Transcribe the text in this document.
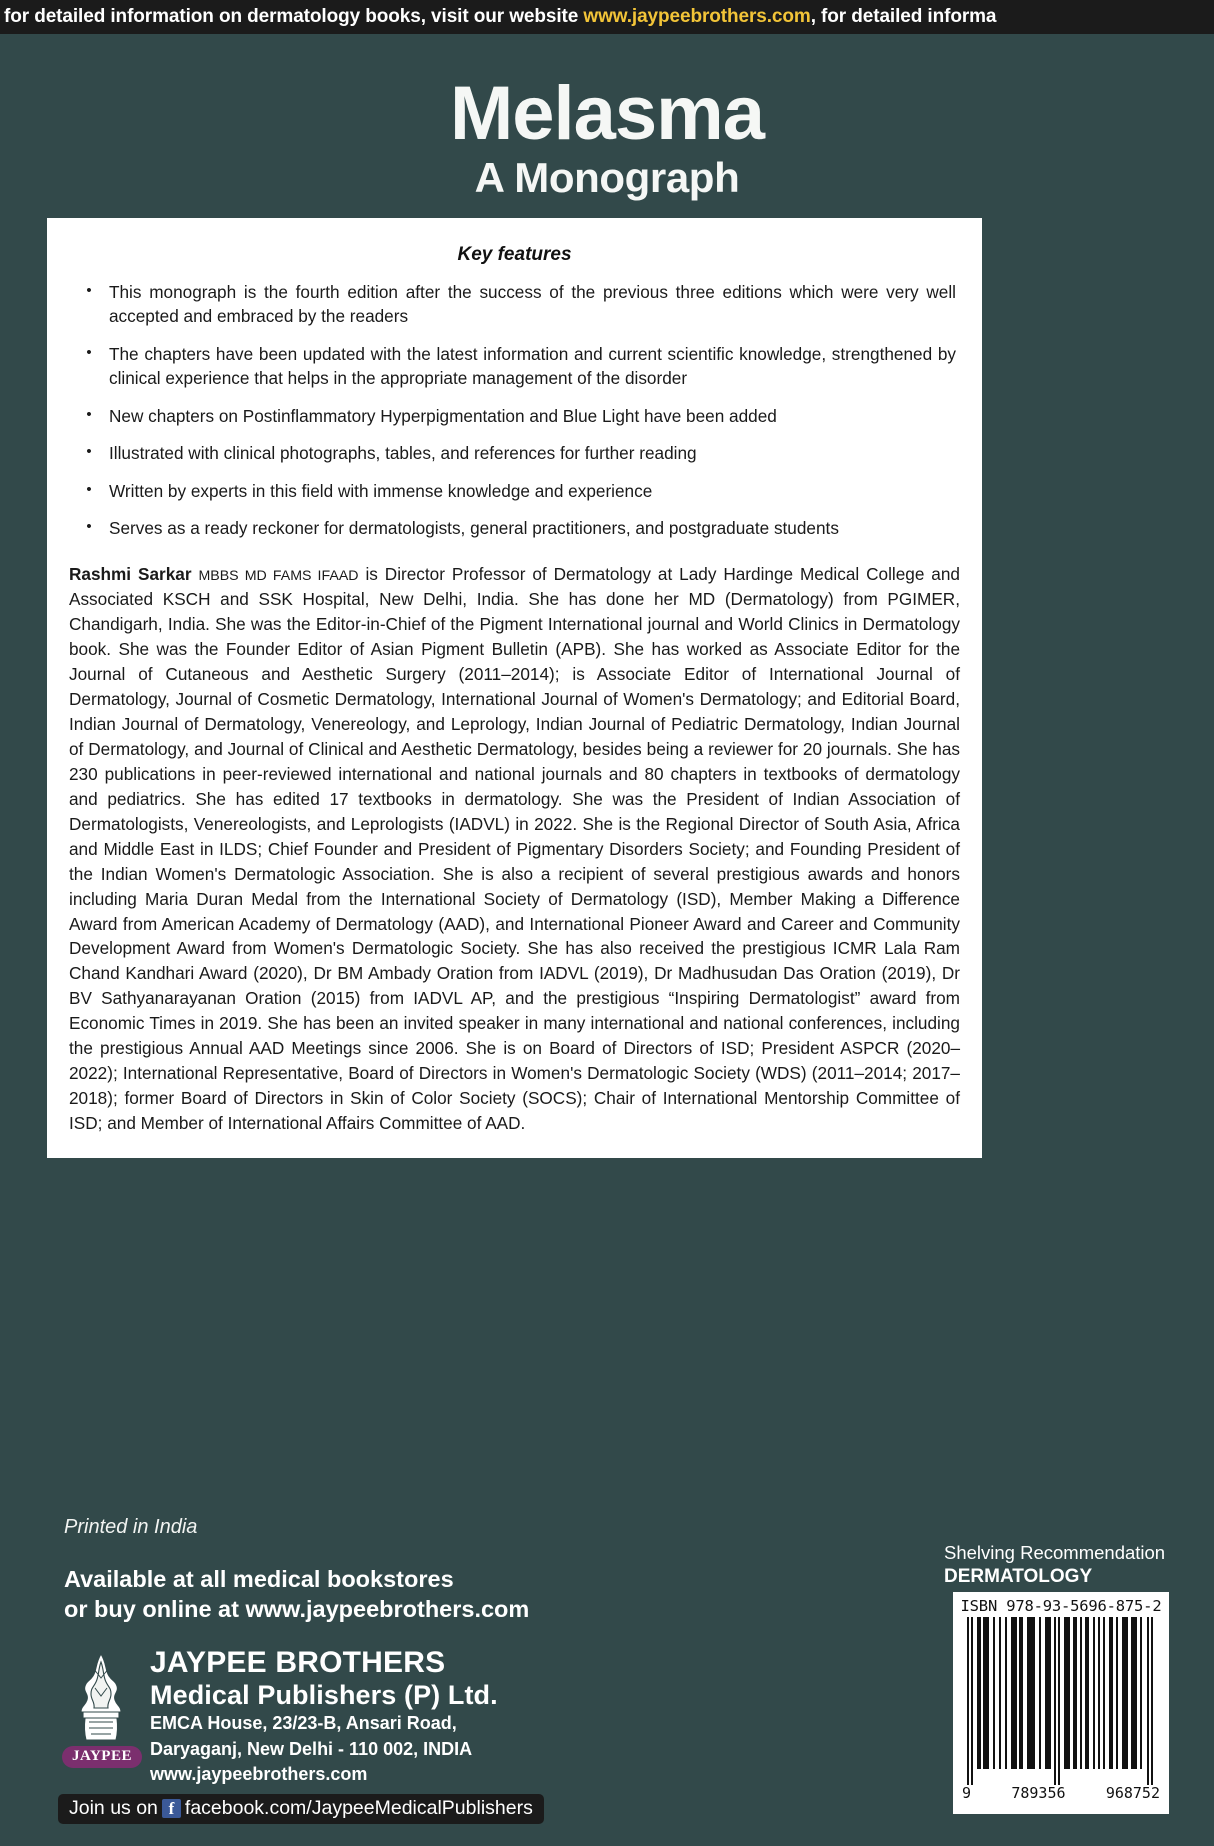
for detailed information on dermatology books, visit our website www.jaypeebrothers.com, for detailed informa
Melasma
A Monograph
Key features
•	This monograph is the fourth edition after the success of the previous three editions which were very well accepted and embraced by the readers
•	The chapters have been updated with the latest information and current scientific knowledge, strengthened by clinical experience that helps in the appropriate management of the disorder
•	New chapters on Postinflammatory Hyperpigmentation and Blue Light have been added
•	Illustrated with clinical photographs, tables, and references for further reading
•	Written by experts in this field with immense knowledge and experience
•	Serves as a ready reckoner for dermatologists, general practitioners, and postgraduate students
Rashmi Sarkar MBBS MD FAMS IFAAD is Director Professor of Dermatology at Lady Hardinge Medical College and Associated KSCH and SSK Hospital, New Delhi, India. She has done her MD (Dermatology) from PGIMER, Chandigarh, India. She was the Editor-in-Chief of the Pigment International journal and World Clinics in Dermatology book. She was the Founder Editor of Asian Pigment Bulletin (APB). She has worked as Associate Editor for the Journal of Cutaneous and Aesthetic Surgery (2011–2014); is Associate Editor of International Journal of Dermatology, Journal of Cosmetic Dermatology, International Journal of Women's Dermatology; and Editorial Board, Indian Journal of Dermatology, Venereology, and Leprology, Indian Journal of Pediatric Dermatology, Indian Journal of Dermatology, and Journal of Clinical and Aesthetic Dermatology, besides being a reviewer for 20 journals. She has 230 publications in peer-reviewed international and national journals and 80 chapters in textbooks of dermatology and pediatrics. She has edited 17 textbooks in dermatology. She was the President of Indian Association of Dermatologists, Venereologists, and Leprologists (IADVL) in 2022. She is the Regional Director of South Asia, Africa and Middle East in ILDS; Chief Founder and President of Pigmentary Disorders Society; and Founding President of the Indian Women's Dermatologic Association. She is also a recipient of several prestigious awards and honors including Maria Duran Medal from the International Society of Dermatology (ISD), Member Making a Difference Award from American Academy of Dermatology (AAD), and International Pioneer Award and Career and Community Development Award from Women's Dermatologic Society. She has also received the prestigious ICMR Lala Ram Chand Kandhari Award (2020), Dr BM Ambady Oration from IADVL (2019), Dr Madhusudan Das Oration (2019), Dr BV Sathyanarayanan Oration (2015) from IADVL AP, and the prestigious “Inspiring Dermatologist” award from Economic Times in 2019. She has been an invited speaker in many international and national conferences, including the prestigious Annual AAD Meetings since 2006. She is on Board of Directors of ISD; President ASPCR (2020–2022); International Representative, Board of Directors in Women's Dermatologic Society (WDS) (2011–2014; 2017–2018); former Board of Directors in Skin of Color Society (SOCS); Chair of International Mentorship Committee of ISD; and Member of International Affairs Committee of AAD.
Printed in India
Available at all medical bookstores
or buy online at www.jaypeebrothers.com
JAYPEE
JAYPEE BROTHERS
Medical Publishers (P) Ltd.
EMCA House, 23/23-B, Ansari Road,
Daryaganj, New Delhi - 110 002, INDIA
www.jaypeebrothers.com
Join us on f facebook.com/JaypeeMedicalPublishers
Shelving Recommendation
DERMATOLOGY
ISBN 978-93-5696-875-2
9	789356	968752
